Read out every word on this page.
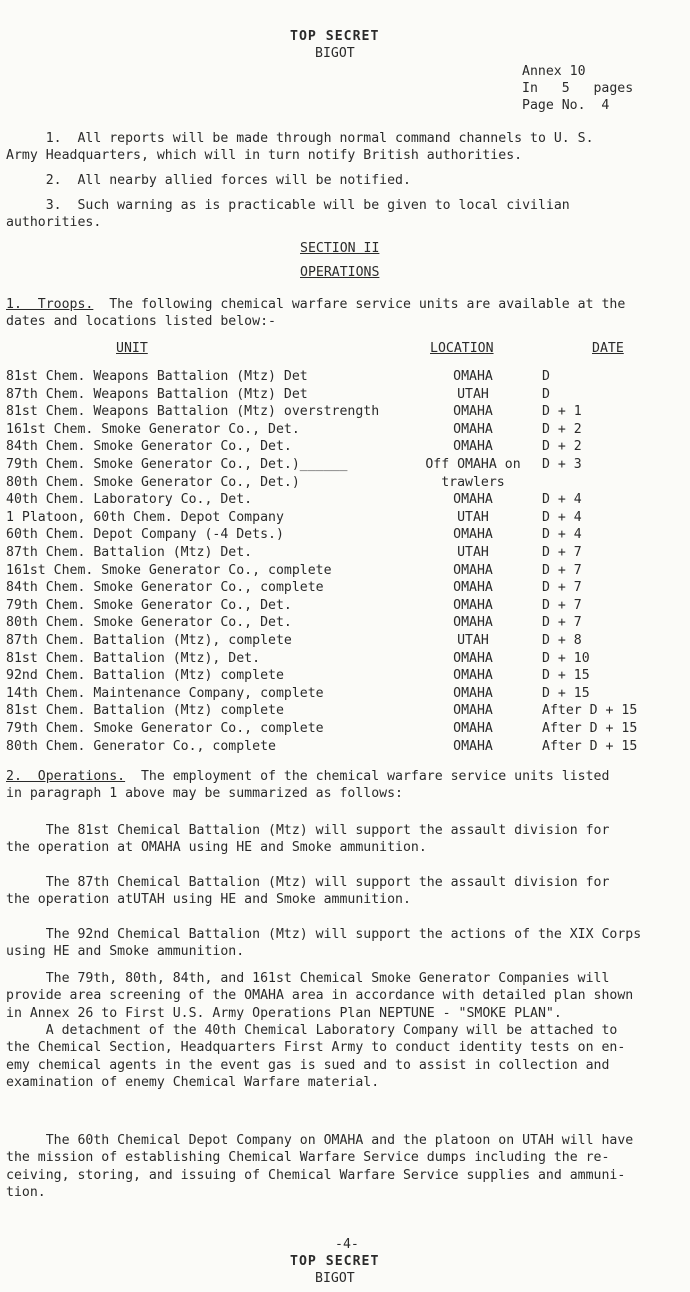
TOP SECRET
BIGOT
Annex 10
In   5   pages
Page No.  4
1.  All reports will be made through normal command channels to U. S.
Army Headquarters, which will in turn notify British authorities.
2.  All nearby allied forces will be notified.
3.  Such warning as is practicable will be given to local civilian
authorities.
SECTION II
OPERATIONS
1.  Troops.  The following chemical warfare service units are available at the
dates and locations listed below:-
UNIT	LOCATION	DATE
81st Chem. Weapons Battalion (Mtz) Det	OMAHA	D
87th Chem. Weapons Battalion (Mtz) Det	UTAH	D
81st Chem. Weapons Battalion (Mtz) overstrength	OMAHA	D + 1
161st Chem. Smoke Generator Co., Det.	OMAHA	D + 2
84th Chem. Smoke Generator Co., Det.	OMAHA	D + 2
79th Chem. Smoke Generator Co., Det.)______	Off OMAHA on	D + 3
80th Chem. Smoke Generator Co., Det.)	trawlers
40th Chem. Laboratory Co., Det.	OMAHA	D + 4
1 Platoon, 60th Chem. Depot Company	UTAH	D + 4
60th Chem. Depot Company (-4 Dets.)	OMAHA	D + 4
87th Chem. Battalion (Mtz) Det.	UTAH	D + 7
161st Chem. Smoke Generator Co., complete	OMAHA	D + 7
84th Chem. Smoke Generator Co., complete	OMAHA	D + 7
79th Chem. Smoke Generator Co., Det.	OMAHA	D + 7
80th Chem. Smoke Generator Co., Det.	OMAHA	D + 7
87th Chem. Battalion (Mtz), complete	UTAH	D + 8
81st Chem. Battalion (Mtz), Det.	OMAHA	D + 10
92nd Chem. Battalion (Mtz) complete	OMAHA	D + 15
14th Chem. Maintenance Company, complete	OMAHA	D + 15
81st Chem. Battalion (Mtz) complete	OMAHA	After D + 15
79th Chem. Smoke Generator Co., complete	OMAHA	After D + 15
80th Chem. Generator Co., complete	OMAHA	After D + 15
2.  Operations.  The employment of the chemical warfare service units listed
in paragraph 1 above may be summarized as follows:
The 81st Chemical Battalion (Mtz) will support the assault division for
the operation at OMAHA using HE and Smoke ammunition.
The 87th Chemical Battalion (Mtz) will support the assault division for
the operation atUTAH using HE and Smoke ammunition.
The 92nd Chemical Battalion (Mtz) will support the actions of the XIX Corps
using HE and Smoke ammunition.
The 79th, 80th, 84th, and 161st Chemical Smoke Generator Companies will
provide area screening of the OMAHA area in accordance with detailed plan shown
in Annex 26 to First U.S. Army Operations Plan NEPTUNE - "SMOKE PLAN".
A detachment of the 40th Chemical Laboratory Company will be attached to
the Chemical Section, Headquarters First Army to conduct identity tests on en-
emy chemical agents in the event gas is sued and to assist in collection and
examination of enemy Chemical Warfare material.
The 60th Chemical Depot Company on OMAHA and the platoon on UTAH will have
the mission of establishing Chemical Warfare Service dumps including the re-
ceiving, storing, and issuing of Chemical Warfare Service supplies and ammuni-
tion.
-4-
TOP SECRET
BIGOT
